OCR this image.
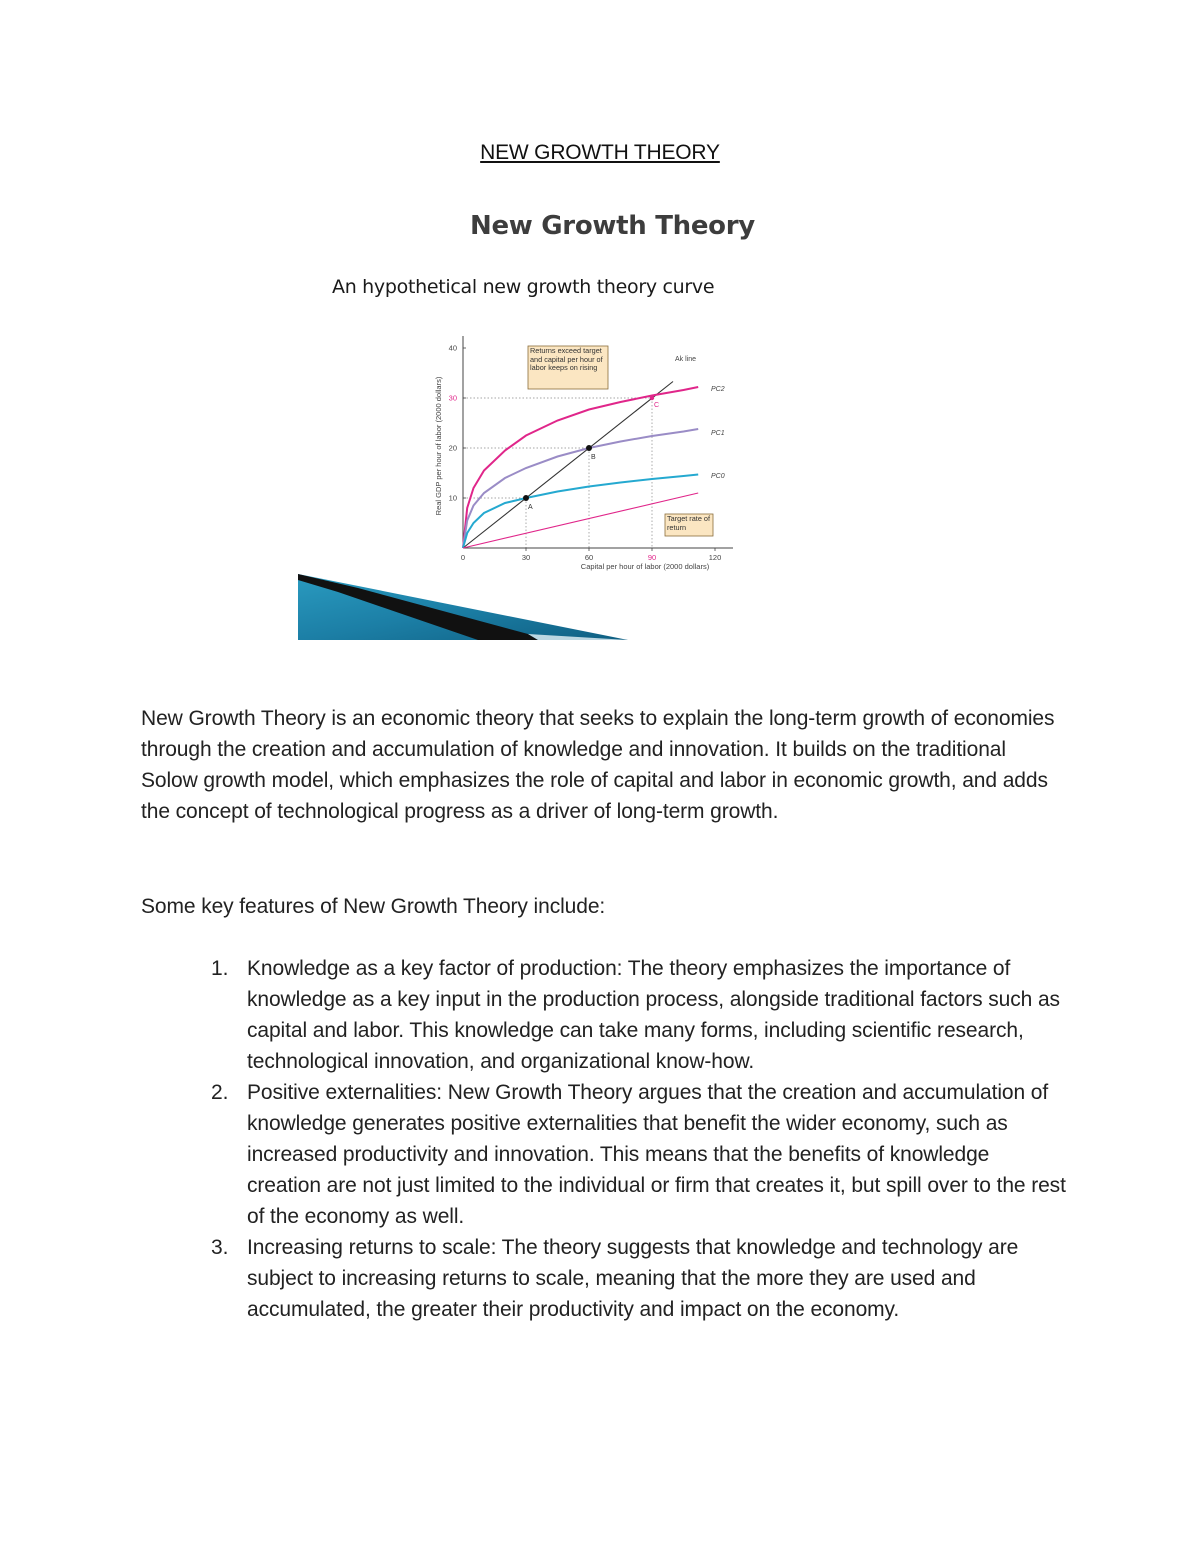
NEW GROWTH THEORY
New Growth Theory
An hypothetical new growth theory curve
A
B
C
0	30	60	90	120
10
20
30
40
Real GDP per hour of labor (2000 dollars)
Capital per hour of labor (2000 dollars)
Ak line
PC2
PC1
PC0
Returns exceed target and capital per hour of labor keeps on rising
Target rate of return
New Growth Theory is an economic theory that seeks to explain the long-term growth of economies through the creation and accumulation of knowledge and innovation. It builds on the traditional Solow growth model, which emphasizes the role of capital and labor in economic growth, and adds the concept of technological progress as a driver of long-term growth.
Some key features of New Growth Theory include:
1. Knowledge as a key factor of production: The theory emphasizes the importance of knowledge as a key input in the production process, alongside traditional factors such as capital and labor. This knowledge can take many forms, including scientific research, technological innovation, and organizational know-how.
2. Positive externalities: New Growth Theory argues that the creation and accumulation of knowledge generates positive externalities that benefit the wider economy, such as increased productivity and innovation. This means that the benefits of knowledge creation are not just limited to the individual or firm that creates it, but spill over to the rest of the economy as well.
3. Increasing returns to scale: The theory suggests that knowledge and technology are subject to increasing returns to scale, meaning that the more they are used and accumulated, the greater their productivity and impact on the economy.
